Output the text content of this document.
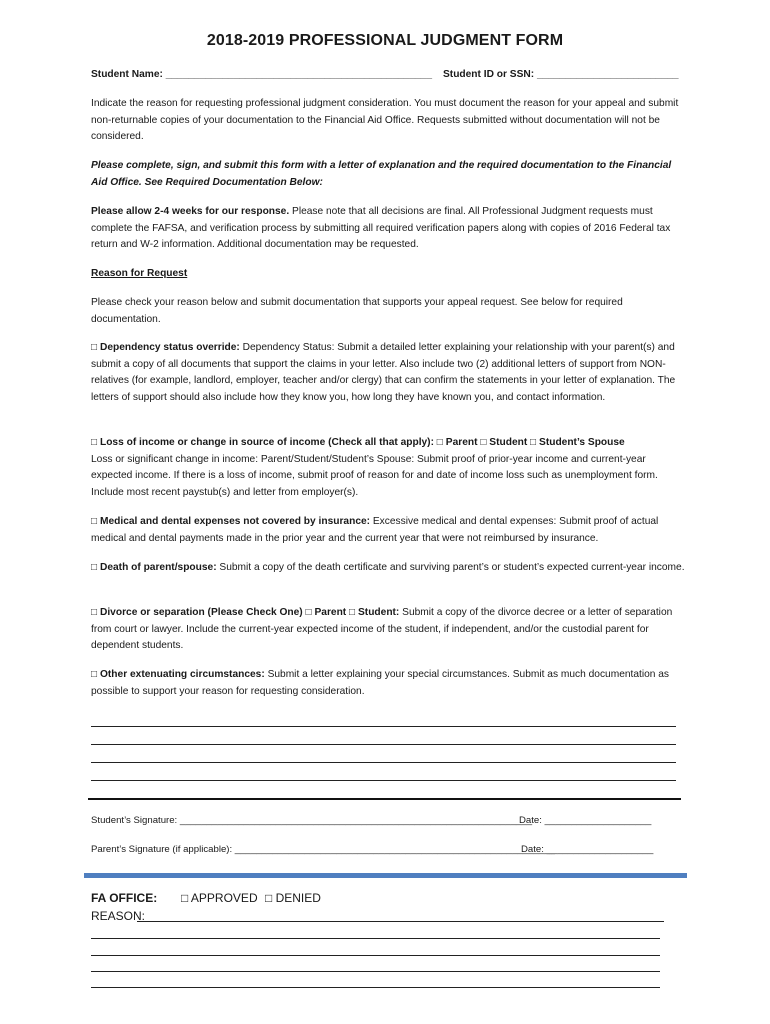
2018-2019 PROFESSIONAL JUDGMENT FORM
Student Name: _______________________________________________ Student ID or SSN: _________________________

Indicate the reason for requesting professional judgment consideration. You must document the reason for your appeal and submit non-returnable copies of your documentation to the Financial Aid Office. Requests submitted without documentation will not be considered.

Please complete, sign, and submit this form with a letter of explanation and the required documentation to the Financial Aid Office. See Required Documentation Below:

Please allow 2-4 weeks for our response. Please note that all decisions are final. All Professional Judgment requests must complete the FAFSA, and verification process by submitting all required verification papers along with copies of 2016 Federal tax return and W-2 information. Additional documentation may be requested.

Reason for Request

Please check your reason below and submit documentation that supports your appeal request. See below for required documentation.

□ Dependency status override: Dependency Status: Submit a detailed letter explaining your relationship with your parent(s) and submit a copy of all documents that support the claims in your letter. Also include two (2) additional letters of support from NON-relatives (for example, landlord, employer, teacher and/or clergy) that can confirm the statements in your letter of explanation. The letters of support should also include how they know you, how long they have known you, and contact information.

□ Loss of income or change in source of income (Check all that apply): □ Parent □ Student □ Student’s Spouse
Loss or significant change in income: Parent/Student/Student’s Spouse: Submit proof of prior-year income and current-year expected income. If there is a loss of income, submit proof of reason for and date of income loss such as unemployment form. Include most recent paystub(s) and letter from employer(s).

□ Medical and dental expenses not covered by insurance: Excessive medical and dental expenses: Submit proof of actual medical and dental payments made in the prior year and the current year that were not reimbursed by insurance.

□ Death of parent/spouse: Submit a copy of the death certificate and surviving parent’s or student’s expected current-year income.

□ Divorce or separation (Please Check One) □ Parent □ Student: Submit a copy of the divorce decree or a letter of separation from court or lawyer. Include the current-year expected income of the student, if independent, and/or the custodial parent for dependent students.

□ Other extenuating circumstances: Submit a letter explaining your special circumstances. Submit as much documentation as possible to support your reason for requesting consideration.

Student’s Signature: __________________________________________________________________
Date: ____________________
Parent’s Signature (if applicable): ____________________________________________________________
Date: ____________________
FA OFFICE: □ APPROVED □ DENIED
REASON:
